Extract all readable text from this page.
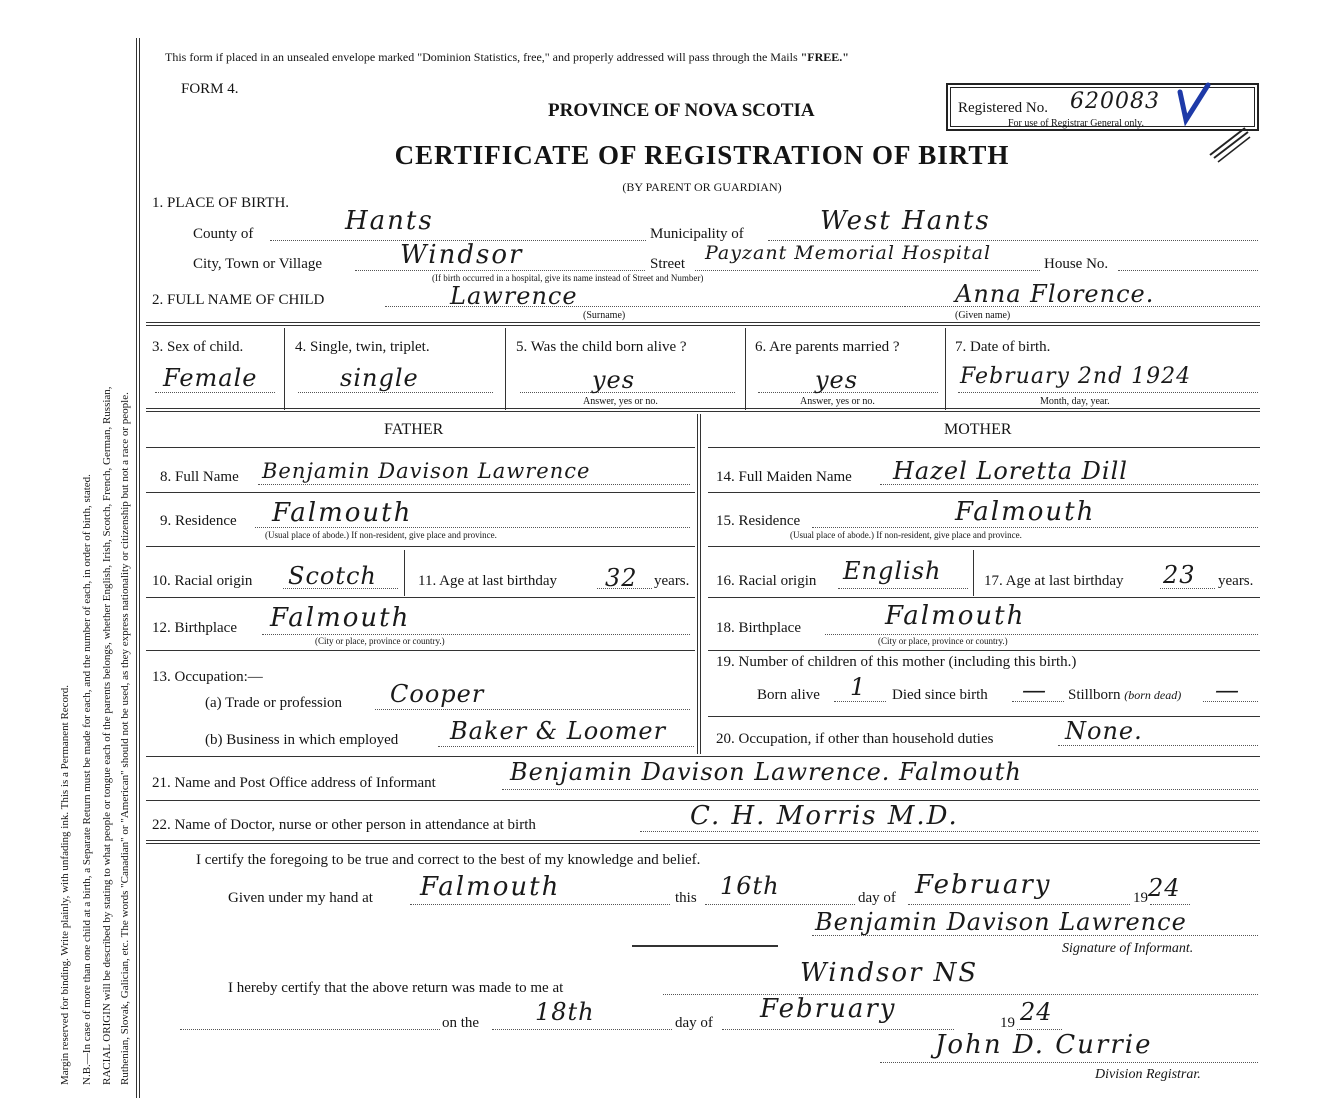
Margin reserved for binding. Write plainly, with unfading ink. This is a Permanent Record. N.B.—In case of more than one child at a birth, a Separate Return must be made for each, and the number of each, in order of birth, stated. RACIAL ORIGIN will be described by stating to what people or tongue each of the parents belongs, whether English, Irish, Scotch, French, German, Russian, Ruthenian, Slovak, Galician, etc. The words "Canadian" or "American" should not be used, as they express nationality or citizenship but not a race or people.
This form if placed in an unsealed envelope marked "Dominion Statistics, free," and properly addressed will pass through the Mails "FREE."
FORM 4.
PROVINCE OF NOVA SCOTIA	Registered No. 620083
For use of Registrar General only.
CERTIFICATE OF REGISTRATION OF BIRTH
(BY PARENT OR GUARDIAN)
1. PLACE OF BIRTH.
County of	Hants	Municipality of	West Hants
City, Town or Village	Windsor	Street Payzant Memorial Hospital	House No.
(If birth occurred in a hospital, give its name instead of Street and Number)
2. FULL NAME OF CHILD	Lawrence
(Surname)
Anna Florence.
(Given name)
3. Sex of child.
Female
4. Single, twin, triplet.
single
5. Was the child born alive ?
yes
Answer, yes or no.
6. Are parents married ?
yes
Answer, yes or no.
7. Date of birth.
February 2nd 1924
Month, day, year.
FATHER	MOTHER
8. Full Name Benjamin Davison Lawrence
9. Residence Falmouth
(Usual place of abode.) If non-resident, give place and province.
10. Racial origin Scotch	11. Age at last birthday 32 years.
12. Birthplace Falmouth
(City or place, province or country.)
13. Occupation:—
(a) Trade or profession Cooper
(b) Business in which employed Baker & Loomer
14. Full Maiden Name Hazel Loretta Dill
15. Residence	Falmouth
(Usual place of abode.) If non-resident, give place and province.
16. Racial origin English	17. Age at last birthday 23 years.
18. Birthplace	Falmouth
(City or place, province or country.)
19. Number of children of this mother (including this birth.)
Born alive 1 Died since birth — Stillborn (born dead) —
20. Occupation, if other than household duties	None.
21. Name and Post Office address of Informant	Benjamin Davison Lawrence. Falmouth
22. Name of Doctor, nurse or other person in attendance at birth	C. H. Morris M.D.
I certify the foregoing to be true and correct to the best of my knowledge and belief.
Given under my hand at Falmouth	this 16th	day of February	19 24
Benjamin Davison Lawrence
Signature of Informant.
I hereby certify that the above return was made to me at	Windsor NS
on the 18th	day of February	19 24
John D. Currie
Division Registrar.
